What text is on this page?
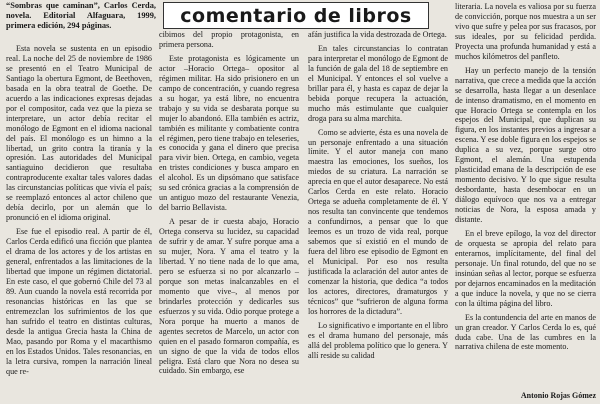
“Sombras que caminan”, Carlos Cerda, novela. Editorial Alfaguara, 1999, primera edición, 294 páginas.	comentario de libros

Esta novela se sustenta en un episodio real. La noche del 25 de noviembre de 1986 se presentó en el Teatro Municipal de Santiago la obertura Egmont, de Beethoven, basada en la obra teatral de Goethe. De acuerdo a las indicaciones expresas dejadas por el compositor, cada vez que la pieza se interpretare, un actor debía recitar el monólogo de Egmont en el idioma nacional del país. El monólogo es un himno a la libertad, un grito contra la tiranía y la opresión. Las autoridades del Municipal santiaguino decidieron que resultaba contraproducente exaltar tales valores dadas las circunstancias políticas que vivía el país; se reemplazó entonces al actor chileno que debía decirlo, por un alemán que lo pronunció en el idioma original.

Ese fue el episodio real. A partir de él, Carlos Cerda edificó una ficción que plantea el drama de los actores y de los artistas en general, enfrentados a las limitaciones de la libertad que impone un régimen dictatorial. En este caso, el que gobernó Chile del 73 al 89. Aun cuando la novela está recorrida por resonancias históricas en las que se entremezclan los sufrimientos de los que han sufrido el teatro en distintas culturas, desde la antigua Grecia hasta la China de Mao, pasando por Roma y el macarthismo en los Estados Unidos. Tales resonancias, en la letra cursiva, rompen la narración lineal que re-

cibimos del propio protagonista, en primera persona.

Este protagonista es lógicamente un actor –Horacio Ortega– opositor al régimen militar. Ha sido prisionero en un campo de concentración, y cuando regresa a su hogar, ya está libre, no encuentra trabajo y su vida se desbarata porque su mujer lo abandonó. Ella también es actriz, también es militante y combatiente contra el régimen, pero tiene trabajo en teleseries, es conocida y gana el dinero que precisa para vivir bien. Ortega, en cambio, vegeta en tristes condiciones y busca amparo en el alcohol. Es un dipsómano que satisface su sed crónica gracias a la comprensión de un antiguo mozo del restaurante Venezia, del barrio Bellavista.

A pesar de ir cuesta abajo, Horacio Ortega conserva su lucidez, su capacidad de sufrir y de amar. Y sufre porque ama a su mujer, Nora. Y ama el teatro y la libertad. Y no tiene nada de lo que ama, pero se esfuerza si no por alcanzarlo –porque son metas inalcanzables en el momento que vive–, al menos por brindarles protección y dedicarles sus esfuerzos y su vida. Odio porque protege a Nora porque ha muerto a manos de agentes secretos de Marcelo, un actor con quien en el pasado formaron compañía, es un signo de que la vida de todos ellos peligra. Está claro que Nora no desea su cuidado. Sin embargo, ese

afán justifica la vida destrozada de Ortega.

En tales circunstancias lo contratan para interpretar el monólogo de Egmont de la función de gala del 18 de septiembre en el Municipal. Y entonces el sol vuelve a brillar para él, y hasta es capaz de dejar la bebida porque recupera la actuación, mucho más estimulante que cualquier droga para su alma marchita.

Como se advierte, ésta es una novela de un personaje enfrentado a una situación límite. Y el autor maneja con mano maestra las emociones, los sueños, los miedos de su criatura. La narración se aprecia en que el autor desaparece. No está Carlos Cerda en este relato. Horacio Ortega se adueña completamente de él. Y nos resulta tan convincente que tendemos a confundirnos, a pensar que lo que leemos es un trozo de vida real, porque sabemos que sí existió en el mundo de fuera del libro ese episodio de Egmont en el Municipal. Por eso nos resulta justificada la aclaración del autor antes de comenzar la historia, que dedica “a todos los actores, directores, dramaturgos y técnicos” que “sufrieron de alguna forma los horrores de la dictadura”.

Lo significativo e importante en el libro es el drama humano del personaje, más allá del problema político que lo genera. Y allí reside su calidad

literaria. La novela es valiosa por su fuerza de convicción, porque nos muestra a un ser vivo que sufre y pelea por sus fracasos, por sus ideales, por su felicidad perdida. Proyecta una profunda humanidad y está a muchos kilómetros del panfleto.

Hay un perfecto manejo de la tensión narrativa, que crece a medida que la acción se desarrolla, hasta llegar a un desenlace de intenso dramatismo, en el momento en que Horacio Ortega se contempla en los espejos del Municipal, que duplican su figura, en los instantes previos a ingresar a escena. Y ese doble figura en los espejos se duplica a su vez, porque surge otro Egmont, el alemán. Una estupenda plasticidad emana de la descripción de ese momento decisivo. Y lo que sigue resulta desbordante, hasta desembocar en un diálogo equívoco que nos va a entregar noticias de Nora, la esposa amada y distante.

En el breve epílogo, la voz del director de orquesta se apropia del relato para enterarnos, implícitamente, del final del personaje. Un final rotundo, del que no se insinúan señas al lector, porque se esfuerza por dejarnos encaminados en la meditación a que induce la novela, y que no se cierra con la última página del libro.

Es la contundencia del arte en manos de un gran creador. Y Carlos Cerda lo es, qué duda cabe. Una de las cumbres en la narrativa chilena de este momento.

Antonio Rojas Gómez
